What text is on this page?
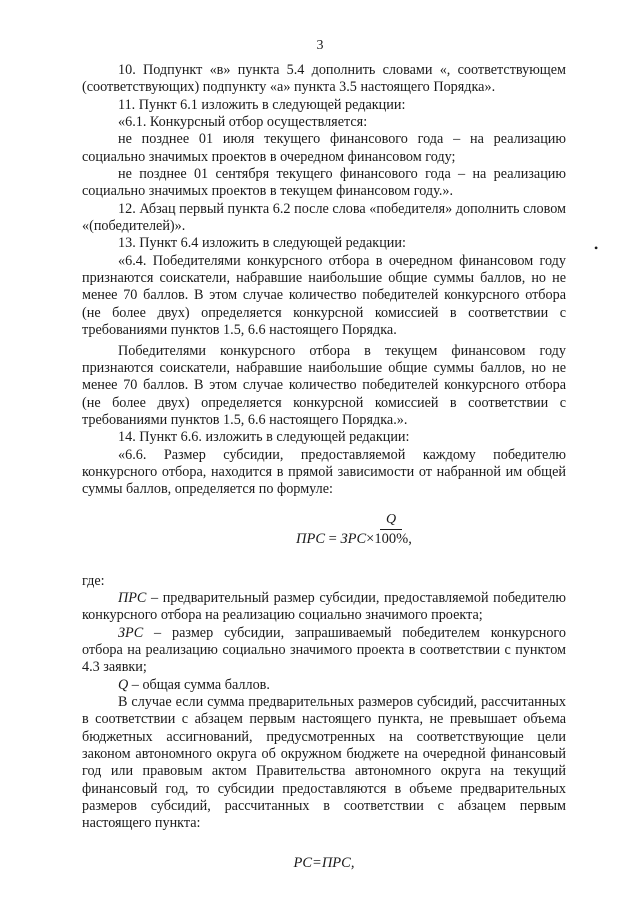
3
•

10. Подпункт «в» пункта 5.4 дополнить словами «, соответствующем (соответствующих) подпункту «а» пункта 3.5 настоящего Порядка».

11. Пункт 6.1 изложить в следующей редакции:

«6.1. Конкурсный отбор осуществляется:

не позднее 01 июля текущего финансового года – на реализацию социально значимых проектов в очередном финансовом году;

не позднее 01 сентября текущего финансового года – на реализацию социально значимых проектов в текущем финансовом году.».

12. Абзац первый пункта 6.2 после слова «победителя» дополнить словом «(победителей)».

13. Пункт 6.4 изложить в следующей редакции:

«6.4. Победителями конкурсного отбора в очередном финансовом году признаются соискатели, набравшие наибольшие общие суммы баллов, но не менее 70 баллов. В этом случае количество победителей конкурсного отбора (не более двух) определяется конкурсной комиссией в соответствии с требованиями пунктов 1.5, 6.6 настоящего Порядка.

Победителями конкурсного отбора в текущем финансовом году признаются соискатели, набравшие наибольшие общие суммы баллов, но не менее 70 баллов. В этом случае количество победителей конкурсного отбора (не более двух) определяется конкурсной комиссией в соответствии с требованиями пунктов 1.5, 6.6 настоящего Порядка.».

14. Пункт 6.6. изложить в следующей редакции:

«6.6. Размер субсидии, предоставляемой каждому победителю конкурсного отбора, находится в прямой зависимости от набранной им общей суммы баллов, определяется по формуле:

Q
ПРС = ЗРС×100%,

где:

ПРС – предварительный размер субсидии, предоставляемой победителю конкурсного отбора на реализацию социально значимого проекта;

ЗРС – размер субсидии, запрашиваемый победителем конкурсного отбора на реализацию социально значимого проекта в соответствии с пунктом 4.3 заявки;

Q – общая сумма баллов.

В случае если сумма предварительных размеров субсидий, рассчитанных в соответствии с абзацем первым настоящего пункта, не превышает объема бюджетных ассигнований, предусмотренных на соответствующие цели законом автономного округа об окружном бюджете на очередной финансовый год или правовым актом Правительства автономного округа на текущий финансовый год, то субсидии предоставляются в объеме предварительных размеров субсидий, рассчитанных в соответствии с абзацем первым настоящего пункта:

РС=ПРС,
